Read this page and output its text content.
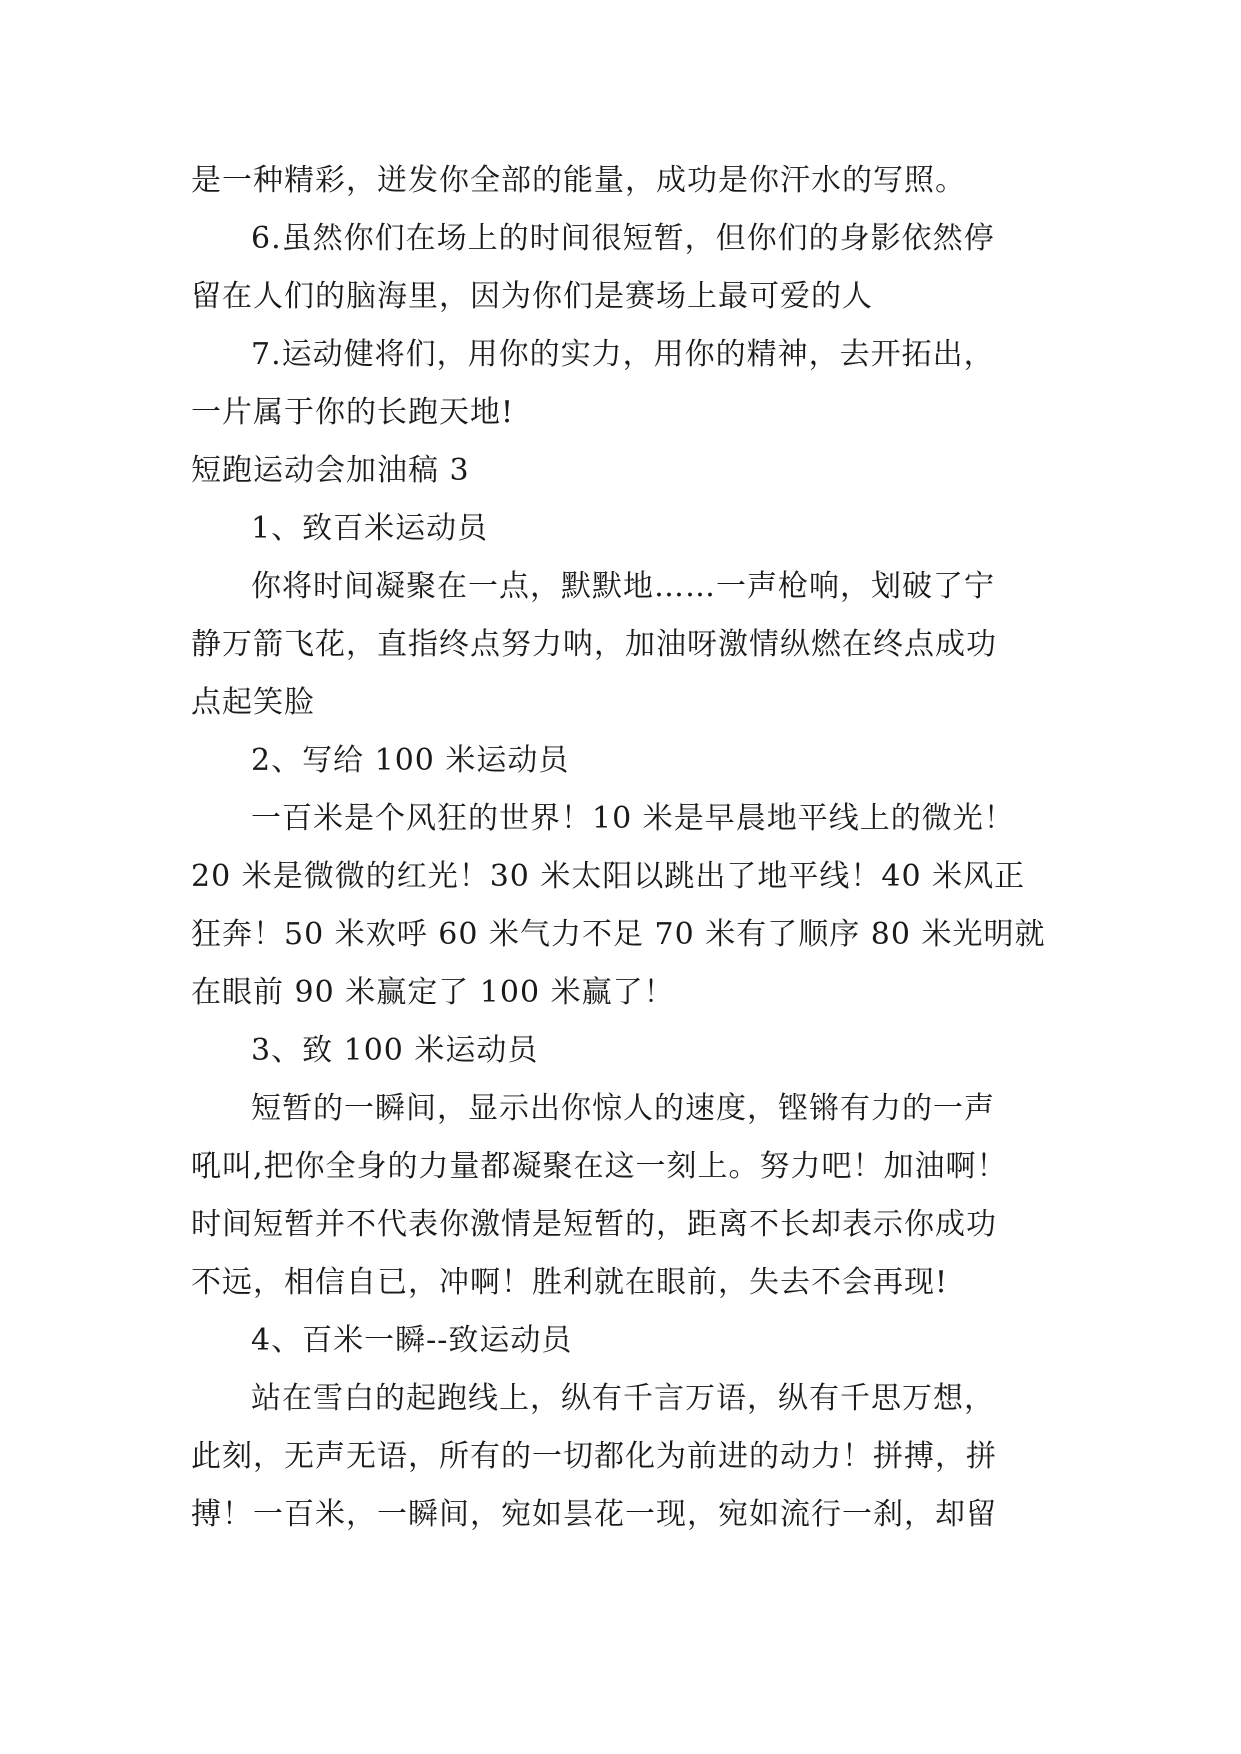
是一种精彩，迸发你全部的能量，成功是你汗水的写照。
6.虽然你们在场上的时间很短暂，但你们的身影依然停
留在人们的脑海里，因为你们是赛场上最可爱的人
7.运动健将们，用你的实力，用你的精神，去开拓出，
一片属于你的长跑天地!
短跑运动会加油稿 3
1、致百米运动员
你将时间凝聚在一点，默默地……一声枪响，划破了宁
静万箭飞花，直指终点努力呐，加油呀激情纵燃在终点成功
点起笑脸
2、写给 100 米运动员
一百米是个风狂的世界！10 米是早晨地平线上的微光！
20 米是微微的红光！30 米太阳以跳出了地平线！40 米风正
狂奔！50 米欢呼 60 米气力不足 70 米有了顺序 80 米光明就
在眼前 90 米赢定了 100 米赢了！
3、致 100 米运动员
短暂的一瞬间，显示出你惊人的速度，铿锵有力的一声
吼叫,把你全身的力量都凝聚在这一刻上。努力吧！加油啊！
时间短暂并不代表你激情是短暂的，距离不长却表示你成功
不远，相信自已，冲啊！胜利就在眼前，失去不会再现!
4、百米一瞬--致运动员
站在雪白的起跑线上，纵有千言万语，纵有千思万想，
此刻，无声无语，所有的一切都化为前进的动力！拼搏，拼
搏！一百米，一瞬间，宛如昙花一现，宛如流行一刹，却留
